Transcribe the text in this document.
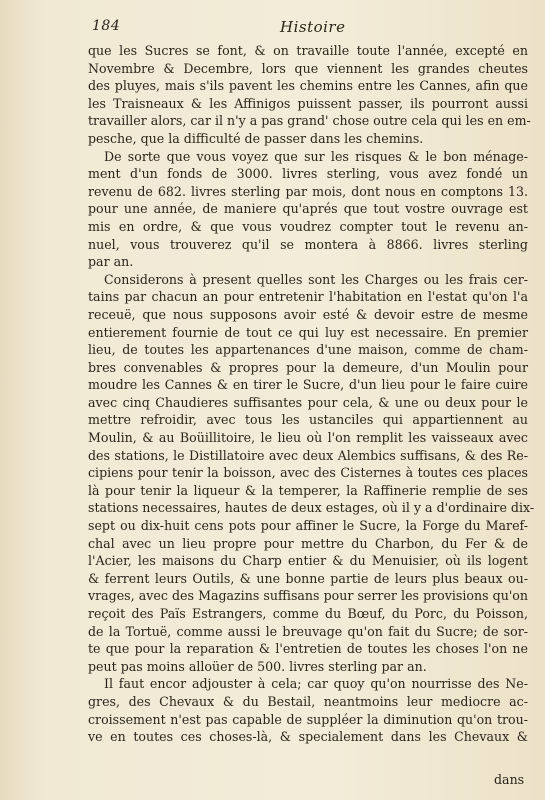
184	Histoire
que les Sucres se font, & on travaille toute l'année, excepté en
Novembre & Decembre, lors que viennent les grandes cheutes
des pluyes, mais s'ils pavent les chemins entre les Cannes, afin que
les Traisneaux & les Affinigos puissent passer, ils pourront aussi
travailler alors, car il n'y a pas grand' chose outre cela qui les en em-
pesche, que la difficulté de passer dans les chemins.
De sorte que vous voyez que sur les risques & le bon ménage-
ment d'un fonds de 3000. livres sterling, vous avez fondé un
revenu de 682. livres sterling par mois, dont nous en comptons 13.
pour une année, de maniere qu'aprés que tout vostre ouvrage est
mis en ordre, & que vous voudrez compter tout le revenu an-
nuel, vous trouverez qu'il se montera à 8866. livres sterling
par an.
Considerons à present quelles sont les Charges ou les frais cer-
tains par chacun an pour entretenir l'habitation en l'estat qu'on l'a
receuë, que nous supposons avoir esté & devoir estre de mesme
entierement fournie de tout ce qui luy est necessaire. En premier
lieu, de toutes les appartenances d'une maison, comme de cham-
bres convenables & propres pour la demeure, d'un Moulin pour
moudre les Cannes & en tirer le Sucre, d'un lieu pour le faire cuire
avec cinq Chaudieres suffisantes pour cela, & une ou deux pour le
mettre refroidir, avec tous les ustanciles qui appartiennent au
Moulin, & au Boüillitoire, le lieu où l'on remplit les vaisseaux avec
des stations, le Distillatoire avec deux Alembics suffisans, & des Re-
cipiens pour tenir la boisson, avec des Cisternes à toutes ces places
là pour tenir la liqueur & la temperer, la Raffinerie remplie de ses
stations necessaires, hautes de deux estages, où il y a d'ordinaire dix-
sept ou dix-huit cens pots pour affiner le Sucre, la Forge du Maref-
chal avec un lieu propre pour mettre du Charbon, du Fer & de
l'Acier, les maisons du Charp entier & du Menuisier, où ils logent
& ferrent leurs Outils, & une bonne partie de leurs plus beaux ou-
vrages, avec des Magazins suffisans pour serrer les provisions qu'on
reçoit des Païs Estrangers, comme du Bœuf, du Porc, du Poisson,
de la Tortuë, comme aussi le breuvage qu'on fait du Sucre; de sor-
te que pour la reparation & l'entretien de toutes les choses l'on ne
peut pas moins alloüer de 500. livres sterling par an.
Il faut encor adjouster à cela; car quoy qu'on nourrisse des Ne-
gres, des Chevaux & du Bestail, neantmoins leur mediocre ac-
croissement n'est pas capable de suppléer la diminution qu'on trou-
ve en toutes ces choses-là, & specialement dans les Chevaux &
dans
